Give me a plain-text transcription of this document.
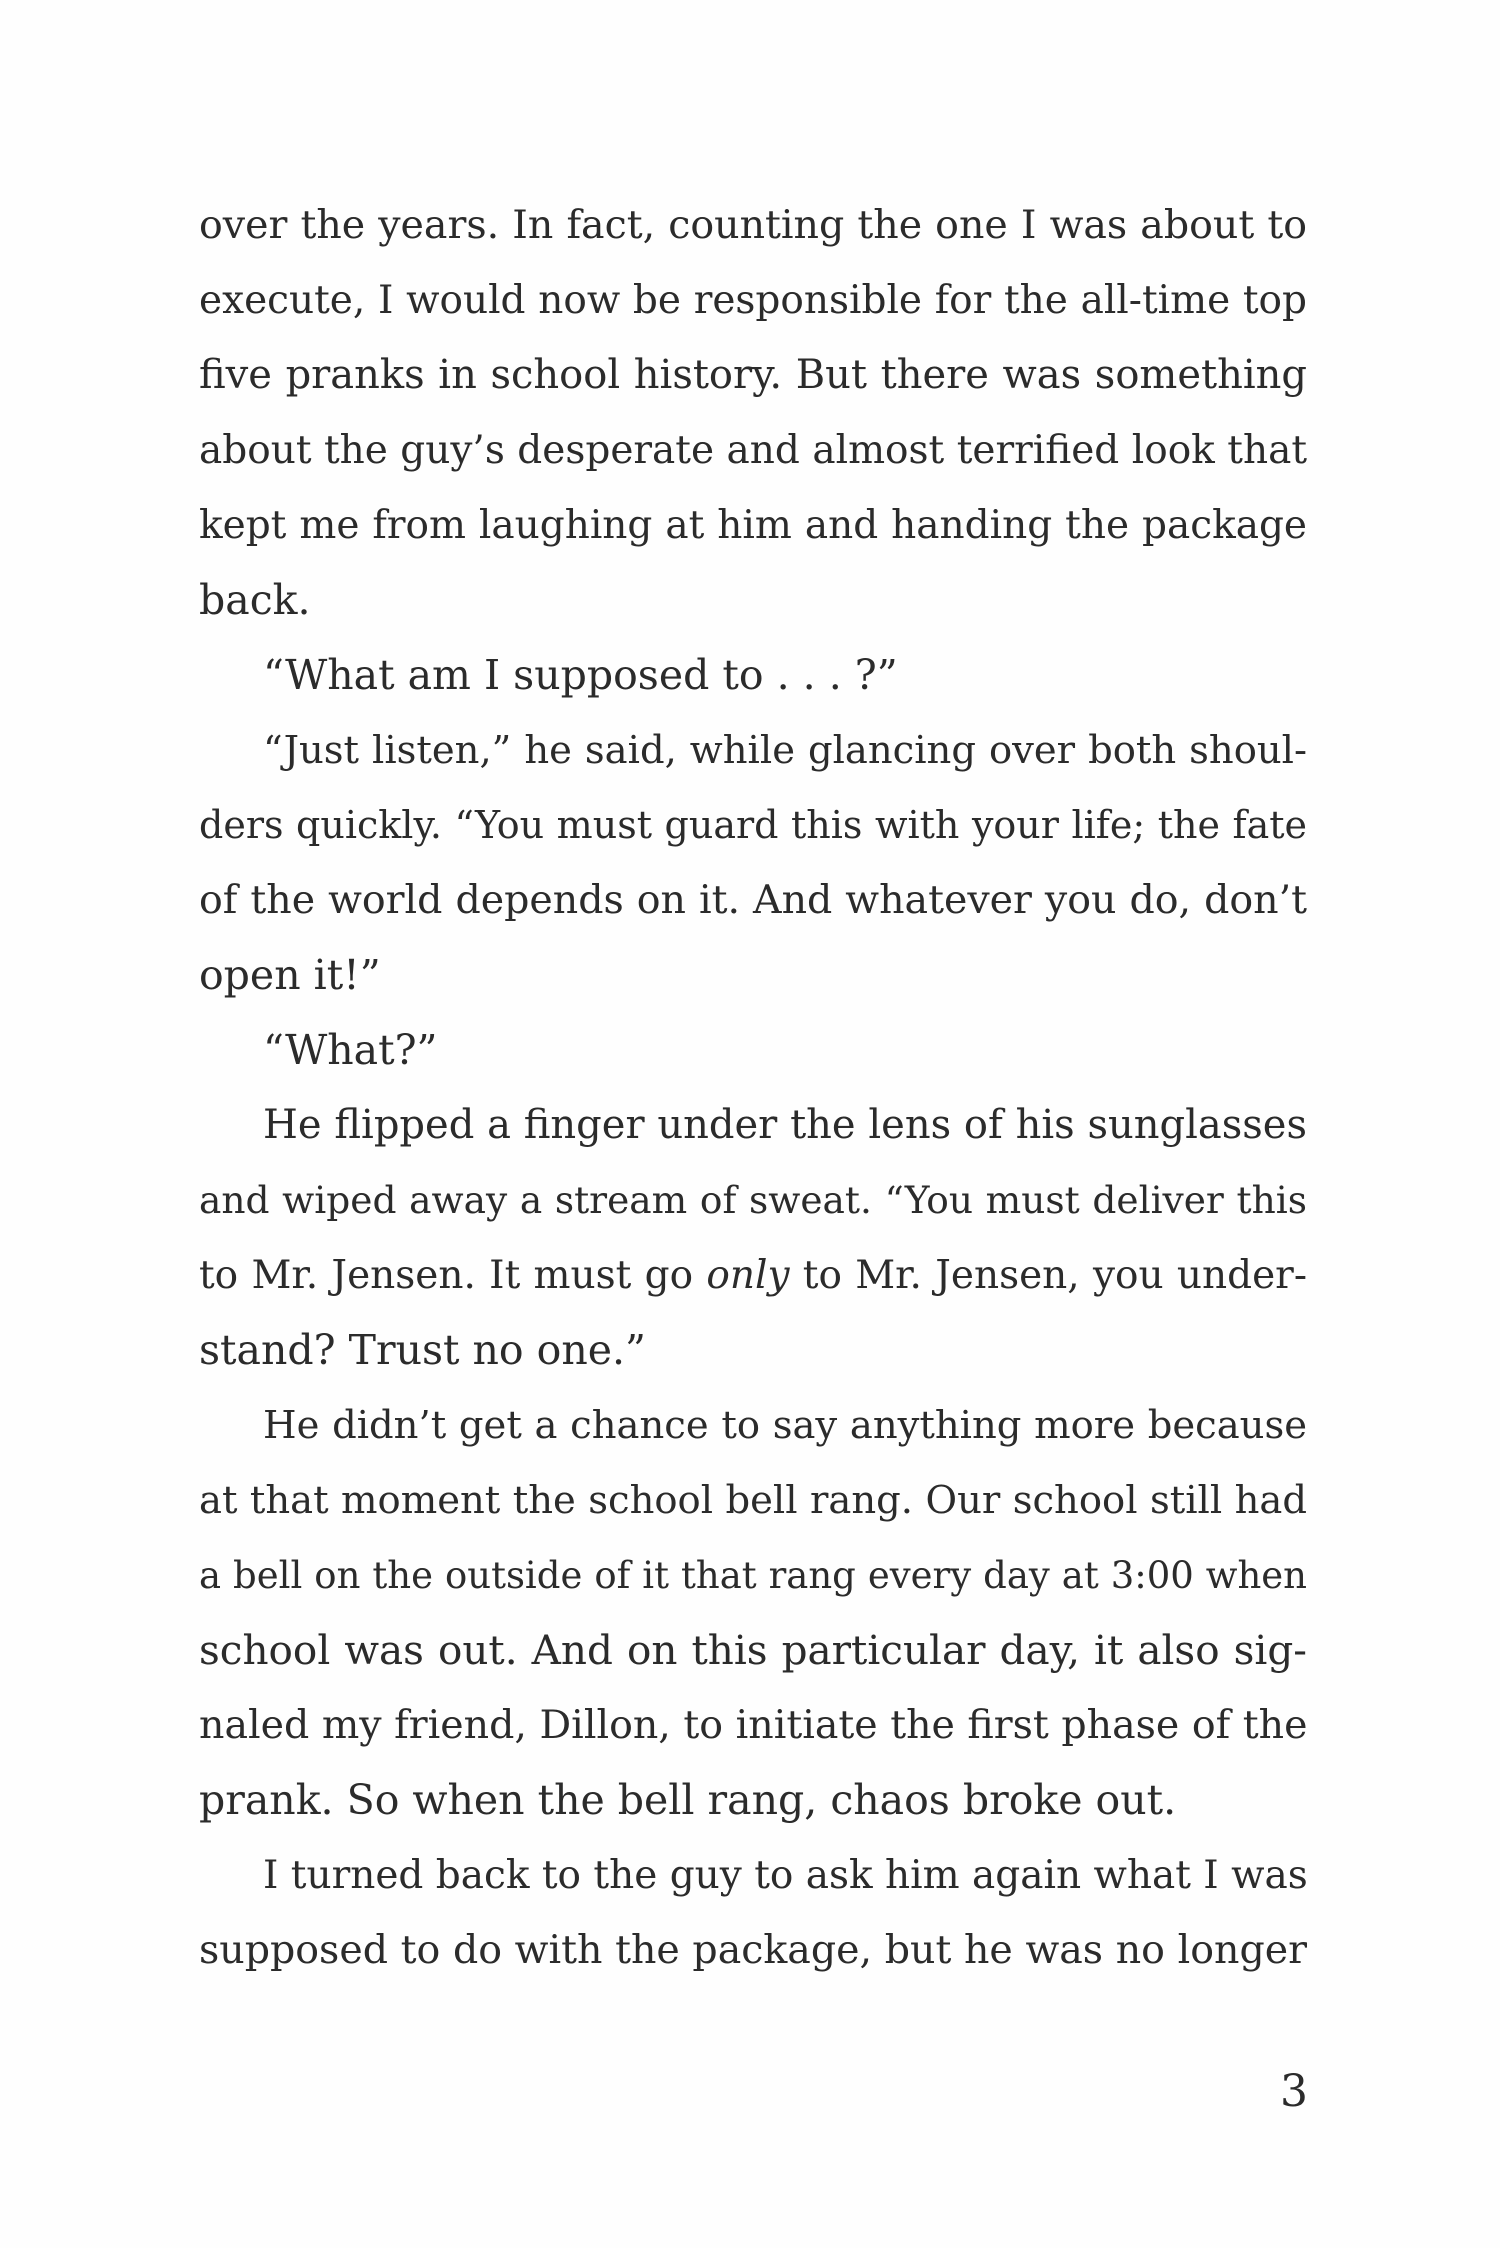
over the years. In fact, counting the one I was about to
execute, I would now be responsible for the all-time top
five pranks in school history. But there was something
about the guy’s desperate and almost terrified look that
kept me from laughing at him and handing the package
back.
“What am I supposed to . . . ?”
“Just listen,” he said, while glancing over both shoul-
ders quickly. “You must guard this with your life; the fate
of the world depends on it. And whatever you do, don’t
open it!”
“What?”
He flipped a finger under the lens of his sunglasses
and wiped away a stream of sweat. “You must deliver this
to Mr. Jensen. It must go only to Mr. Jensen, you under-
stand? Trust no one.”
He didn’t get a chance to say anything more because
at that moment the school bell rang. Our school still had
a bell on the outside of it that rang every day at 3:00 when
school was out. And on this particular day, it also sig-
naled my friend, Dillon, to initiate the first phase of the
prank. So when the bell rang, chaos broke out.
I turned back to the guy to ask him again what I was
supposed to do with the package, but he was no longer
3
